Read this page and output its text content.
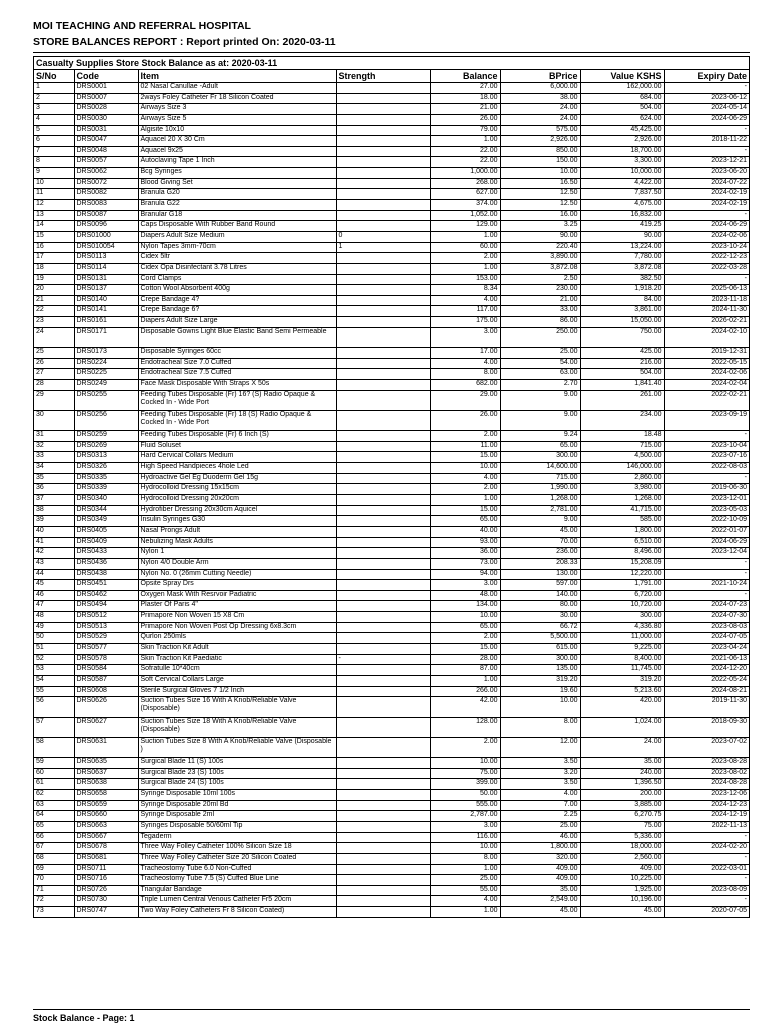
MOI TEACHING AND REFERRAL HOSPITAL
STORE BALANCES REPORT : Report printed On: 2020-03-11
Casualty Supplies Store Stock Balance as at: 2020-03-11
S/No	Code	Item	Strength	Balance	BPrice	Value KSHS	Expiry Date
1	DRS0001	02 Nasal Canullae -Adult		27.00	6,000.00	162,000.00	-
2	DRS0007	2ways Foley Catheter Fr 18 Silicon Coated		18.00	38.00	684.00	2023-06-12
3	DRS0028	Airways Size 3		21.00	24.00	504.00	2024-05-14
4	DRS0030	Airways Size 5		26.00	24.00	624.00	2024-06-29
5	DRS0031	Algisite 10x10		79.00	575.00	45,425.00	-
6	DRS0047	Aquacel 20 X 30 Cm		1.00	2,926.00	2,926.00	2018-11-22
7	DRS0048	Aquacel 9x25		22.00	850.00	18,700.00	-
8	DRS0057	Autoclaving Tape 1 Inch		22.00	150.00	3,300.00	2023-12-21
9	DRS0062	Bcg Syringes		1,000.00	10.00	10,000.00	2023-06-20
10	DRS0072	Blood Giving Set		268.00	16.50	4,422.00	2024-07-22
11	DRS0082	Branula G20		627.00	12.50	7,837.50	2024-02-19
12	DRS0083	Branula G22		374.00	12.50	4,675.00	2024-02-19
13	DRS0087	Branular G18		1,052.00	16.00	16,832.00	-
14	DRS0096	Caps Disposable With Rubber Band Round		129.00	3.25	419.25	2024-06-29
15	DRS01000	Diapers Adult Size Medium	0	1.00	90.00	90.00	2024-02-06
16	DRS010054	Nylon Tapes 3mm-70cm	1	60.00	220.40	13,224.00	2023-10-24
17	DRS0113	Cidex 5ltr		2.00	3,890.00	7,780.00	2022-12-23
18	DRS0114	Cidex Opa Disinfectant 3.78 Litres		1.00	3,872.08	3,872.08	2022-03-28
19	DRS0131	Cord Clamps		153.00	2.50	382.50	-
20	DRS0137	Cotton Wool Absorbent 400g		8.34	230.00	1,918.20	2025-06-13
21	DRS0140	Crepe Bandage 4?		4.00	21.00	84.00	2023-11-18
22	DRS0141	Crepe Bandage 6?		117.00	33.00	3,861.00	2024-11-30
23	DRS0161	Diapers Adult Size Large		175.00	86.00	15,050.00	2026-02-21
24	DRS0171	Disposable Gowns Light Blue Elastic Band Semi Permeable		3.00	250.00	750.00	2024-02-10
25	DRS0173	Disposable Syringes 60cc		17.00	25.00	425.00	2019-12-31
26	DRS0224	Endotracheal Size 7.0 Cuffed		4.00	54.00	216.00	2022-05-15
27	DRS0225	Endotracheal Size 7.5 Cuffed		8.00	63.00	504.00	2024-02-06
28	DRS0249	Face Mask Disposable With Straps X 50s		682.00	2.70	1,841.40	2024-02-04
29	DRS0255	Feeding Tubes Disposable (Fr) 16? (S) Radio Opaque & Cocked In - Wide Port		29.00	9.00	261.00	2022-02-21
30	DRS0256	Feeding Tubes Disposable (Fr) 18 (S) Radio Opaque & Cocked In - Wide Port		26.00	9.00	234.00	2023-09-19
31	DRS0259	Feeding Tubes Disposable (Fr) 6 Inch (S)		2.00	9.24	18.48	-
32	DRS0269	Fluid Soluset		11.00	65.00	715.00	2023-10-04
33	DRS0313	Hard Cervical Collars Medium		15.00	300.00	4,500.00	2023-07-16
34	DRS0326	High Speed Handpieces 4hole Led		10.00	14,600.00	146,000.00	2022-08-03
35	DRS0335	Hydroactive Gel Eg Duoderm Gel 15g		4.00	715.00	2,860.00	-
36	DRS0339	Hydrocolloid Dressing 15x15cm		2.00	1,990.00	3,980.00	2019-06-30
37	DRS0340	Hydrocolloid Dressing 20x20cm		1.00	1,268.00	1,268.00	2023-12-01
38	DRS0344	Hydrofiber Dressing 20x30cm Aquicel		15.00	2,781.00	41,715.00	2023-05-03
39	DRS0349	Insulin Syringes G30		65.00	9.00	585.00	2022-10-09
40	DRS0405	Nasal Prongs Adult		40.00	45.00	1,800.00	2022-01-07
41	DRS0409	Nebulizing Mask Adults		93.00	70.00	6,510.00	2024-06-29
42	DRS0433	Nylon 1		36.00	236.00	8,496.00	2023-12-04
43	DRS0436	Nylon 4/0 Double Arm		73.00	208.33	15,208.09	-
44	DRS0438	Nylon No. 0 (26mm Cutting Needle)		94.00	130.00	12,220.00	-
45	DRS0451	Opsite Spray Drs		3.00	597.00	1,791.00	2021-10-24
46	DRS0462	Oxygen Mask With Resrvoir Padiatric		48.00	140.00	6,720.00	-
47	DRS0494	Plaster Of Paris 4"		134.00	80.00	10,720.00	2024-07-23
48	DRS0512	Primapore Non Woven 15 X8 Cm		10.00	30.00	300.00	2024-07-30
49	DRS0513	Primapore Non Woven Post Op Dressing 6x8.3cm		65.00	66.72	4,336.80	2023-08-03
50	DRS0529	Qurlon 250mls		2.00	5,500.00	11,000.00	2024-07-05
51	DRS0577	Skin Traction Kit Adult		15.00	615.00	9,225.00	2023-04-24
52	DRS0578	Skin Traction Kit Paediatic	-	28.00	300.00	8,400.00	2021-06-13
53	DRS0584	Sofratulle 10*40cm		87.00	135.00	11,745.00	2024-12-20
54	DRS0587	Soft Cervical Collars Large		1.00	319.20	319.20	2022-05-24
55	DRS0608	Sterile Surgical Gloves 7 1/2 Inch		266.00	19.60	5,213.60	2024-08-21
56	DRS0626	Suction Tubes Size 16 With A Knob/Reliable Valve (Disposable)		42.00	10.00	420.00	2019-11-30
57	DRS0627	Suction Tubes Size 18 With A Knob/Reliable Valve (Disposable)		128.00	8.00	1,024.00	2018-09-30
58	DRS0631	Suction Tubes Size 8 With A Knob/Reliable Valve (Disposable )		2.00	12.00	24.00	2023-07-02
59	DRS0635	Surgical Blade 11 (S) 100s		10.00	3.50	35.00	2023-08-28
60	DRS0637	Surgical Blade 23 (S) 100s		75.00	3.20	240.00	2023-08-02
61	DRS0638	Surgical Blade 24 (S) 100s		399.00	3.50	1,396.50	2024-08-28
62	DRS0658	Syringe Disposable 10ml 100s		50.00	4.00	200.00	2023-12-06
63	DRS0659	Syringe Disposable 20ml Bd		555.00	7.00	3,885.00	2024-12-23
64	DRS0660	Syringe Disposable 2ml		2,787.00	2.25	6,270.75	2024-12-19
65	DRS0663	Syringes Disposable 50/60ml Tip		3.00	25.00	75.00	2022-11-13
66	DRS0667	Tegaderm		116.00	46.00	5,336.00	-
67	DRS0678	Three Way Folley Catheter 100% Silicon Size 18		10.00	1,800.00	18,000.00	2024-02-20
68	DRS0681	Three Way Folley Catheter Size 20 Silicon Coated		8.00	320.00	2,560.00	-
69	DRS0711	Tracheostomy Tube 6.0 Non-Cuffed		1.00	409.00	409.00	2022-03-01
70	DRS0716	Tracheostomy Tube 7.5 (S) Cuffed Blue Line		25.00	409.00	10,225.00	-
71	DRS0726	Triangular Bandage		55.00	35.00	1,925.00	2023-08-09
72	DRS0730	Triple Lumen Central Venous Catheter Fr5 20cm		4.00	2,549.00	10,196.00	-
73	DRS0747	Two Way Foley Catheters Fr 8 Silicon Coated)		1.00	45.00	45.00	2020-07-05
Stock Balance - Page: 1
